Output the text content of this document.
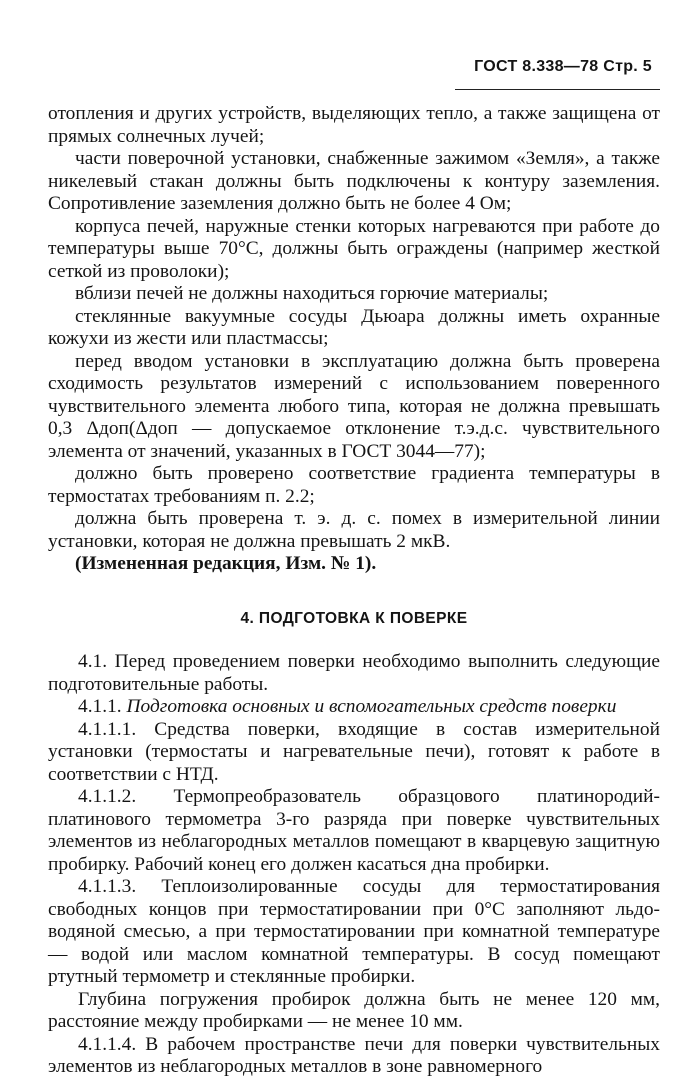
ГОСТ 8.338—78 Стр. 5

отопления и других устройств, выделяющих тепло, а также защищена от прямых солнечных лучей;

части поверочной установки, снабженные зажимом «Земля», а также никелевый стакан должны быть подключены к контуру заземления. Сопротивление заземления должно быть не более 4 Ом;

корпуса печей, наружные стенки которых нагреваются при работе до температуры выше 70°С, должны быть ограждены (например жесткой сеткой из проволоки);

вблизи печей не должны находиться горючие материалы;

стеклянные вакуумные сосуды Дьюара должны иметь охранные кожухи из жести или пластмассы;

перед вводом установки в эксплуатацию должна быть проверена сходимость результатов измерений с использованием поверенного чувствительного элемента любого типа, которая не должна превышать 0,3 Δдоп(Δдоп — допускаемое отклонение т.э.д.с. чувствительного элемента от значений, указанных в ГОСТ 3044—77);

должно быть проверено соответствие градиента температуры в термостатах требованиям п. 2.2;

должна быть проверена т. э. д. с. помех в измерительной линии установки, которая не должна превышать 2 мкВ.

(Измененная редакция, Изм. № 1).

4. ПОДГОТОВКА К ПОВЕРКЕ

4.1. Перед проведением поверки необходимо выполнить следующие подготовительные работы.

4.1.1. Подготовка основных и вспомогательных средств поверки

4.1.1.1. Средства поверки, входящие в состав измерительной установки (термостаты и нагревательные печи), готовят к работе в соответствии с НТД.

4.1.1.2. Термопреобразователь образцового платинородий-платинового термометра 3-го разряда при поверке чувствительных элементов из неблагородных металлов помещают в кварцевую защитную пробирку. Рабочий конец его должен касаться дна пробирки.

4.1.1.3. Теплоизолированные сосуды для термостатирования свободных концов при термостатировании при 0°С заполняют льдо-водяной смесью, а при термостатировании при комнатной температуре — водой или маслом комнатной температуры. В сосуд помещают ртутный термометр и стеклянные пробирки.

Глубина погружения пробирок должна быть не менее 120 мм, расстояние между пробирками — не менее 10 мм.

4.1.1.4. В рабочем пространстве печи для поверки чувствительных элементов из неблагородных металлов в зоне равномерного
